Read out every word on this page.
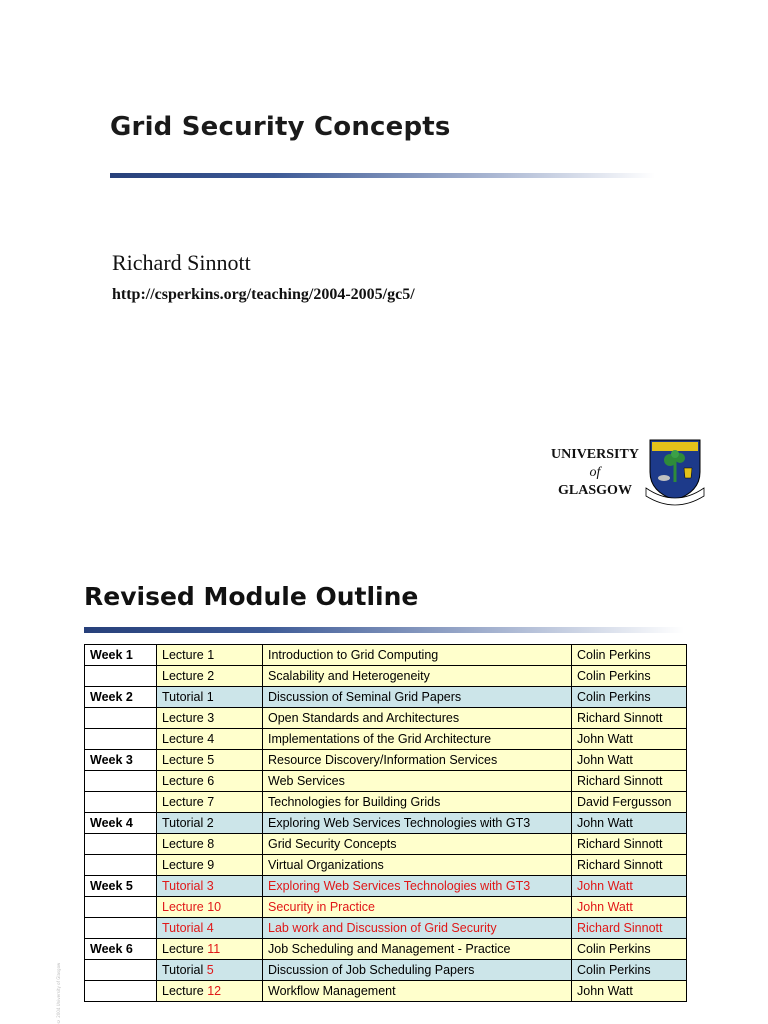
Grid Security Concepts
Richard Sinnott
http://csperkins.org/teaching/2004-2005/gc5/
UNIVERSITY

of
GLASGOW
Revised Module Outline
© 2004 University of Glasgow
Week 1	Lecture 1	Introduction to Grid Computing	Colin Perkins
	Lecture 2	Scalability and Heterogeneity	Colin Perkins
Week 2	Tutorial 1	Discussion of Seminal Grid Papers	Colin Perkins
	Lecture 3	Open Standards and Architectures	Richard Sinnott
	Lecture 4	Implementations of the Grid Architecture	John Watt
Week 3	Lecture 5	Resource Discovery/Information Services	John Watt
	Lecture 6	Web Services	Richard Sinnott
	Lecture 7	Technologies for Building Grids	David Fergusson
Week 4	Tutorial 2	Exploring Web Services Technologies with GT3	John Watt
	Lecture 8	Grid Security Concepts	Richard Sinnott
	Lecture 9	Virtual Organizations	Richard Sinnott
Week 5	Tutorial 3	Exploring Web Services Technologies with GT3	John Watt
	Lecture 10	Security in Practice	John Watt
	Tutorial 4	Lab work and Discussion of Grid Security	Richard Sinnott
Week 6	Lecture 11	Job Scheduling and Management - Practice	Colin Perkins
	Tutorial 5	Discussion of Job Scheduling Papers	Colin Perkins
	Lecture 12	Workflow Management	John Watt
